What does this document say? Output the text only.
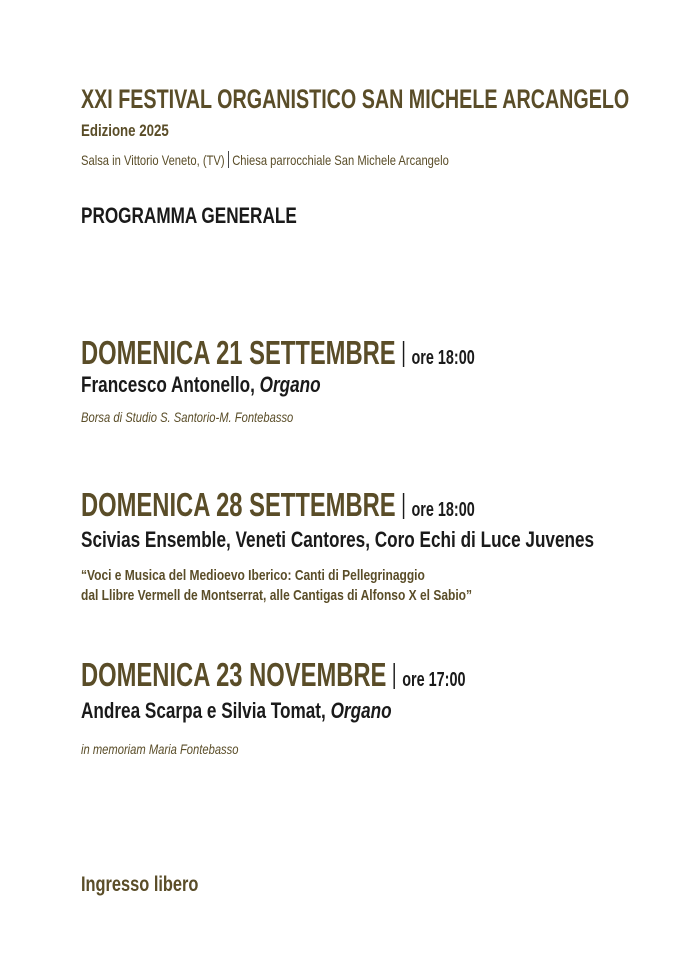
XXI FESTIVAL ORGANISTICO SAN MICHELE ARCANGELO
Edizione 2025
Salsa in Vittorio Veneto, (TV) Chiesa parrocchiale San Michele Arcangelo
PROGRAMMA GENERALE
DOMENICA 21 SETTEMBRE ore 18:00
Francesco Antonello, Organo
Borsa di Studio S. Santorio-M. Fontebasso
DOMENICA 28 SETTEMBRE ore 18:00
Scivias Ensemble, Veneti Cantores, Coro Echi di Luce Juvenes
“Voci e Musica del Medioevo Iberico: Canti di Pellegrinaggio
dal Llibre Vermell de Montserrat, alle Cantigas di Alfonso X el Sabio”
DOMENICA 23 NOVEMBRE ore 17:00
Andrea Scarpa e Silvia Tomat, Organo
in memoriam Maria Fontebasso
Ingresso libero
